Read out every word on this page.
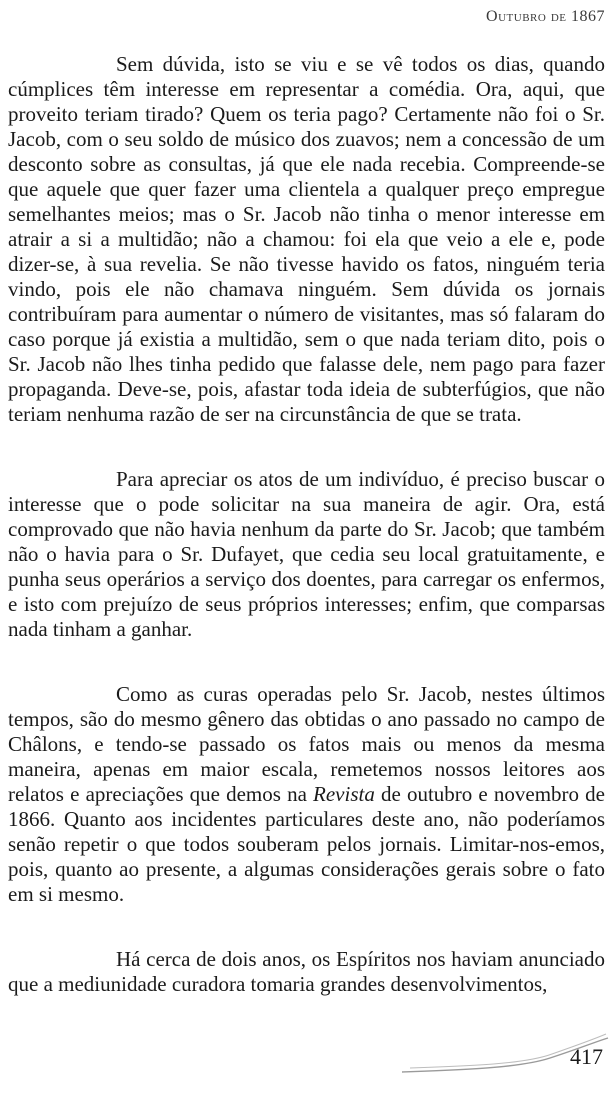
Outubro de 1867

Sem dúvida, isto se viu e se vê todos os dias, quando cúmplices têm interesse em representar a comédia. Ora, aqui, que proveito teriam tirado? Quem os teria pago? Certamente não foi o Sr. Jacob, com o seu soldo de músico dos zuavos; nem a concessão de um desconto sobre as consultas, já que ele nada recebia. Compreende-se que aquele que quer fazer uma clientela a qualquer preço empregue semelhantes meios; mas o Sr. Jacob não tinha o menor interesse em atrair a si a multidão; não a chamou: foi ela que veio a ele e, pode dizer-se, à sua revelia. Se não tivesse havido os fatos, ninguém teria vindo, pois ele não chamava ninguém. Sem dúvida os jornais contribuíram para aumentar o número de visitantes, mas só falaram do caso porque já existia a multidão, sem o que nada teriam dito, pois o Sr. Jacob não lhes tinha pedido que falasse dele, nem pago para fazer propaganda. Deve-se, pois, afastar toda ideia de subterfúgios, que não teriam nenhuma razão de ser na circunstância de que se trata.

Para apreciar os atos de um indivíduo, é preciso buscar o interesse que o pode solicitar na sua maneira de agir. Ora, está comprovado que não havia nenhum da parte do Sr. Jacob; que também não o havia para o Sr. Dufayet, que cedia seu local gratuitamente, e punha seus operários a serviço dos doentes, para carregar os enfermos, e isto com prejuízo de seus próprios interesses; enfim, que comparsas nada tinham a ganhar.

Como as curas operadas pelo Sr. Jacob, nestes últimos tempos, são do mesmo gênero das obtidas o ano passado no campo de Châlons, e tendo-se passado os fatos mais ou menos da mesma maneira, apenas em maior escala, remetemos nossos leitores aos relatos e apreciações que demos na Revista de outubro e novembro de 1866. Quanto aos incidentes particulares deste ano, não poderíamos senão repetir o que todos souberam pelos jornais. Limitar-nos-emos, pois, quanto ao presente, a algumas considerações gerais sobre o fato em si mesmo.

Há cerca de dois anos, os Espíritos nos haviam anunciado que a mediunidade curadora tomaria grandes desenvolvimentos,

417
